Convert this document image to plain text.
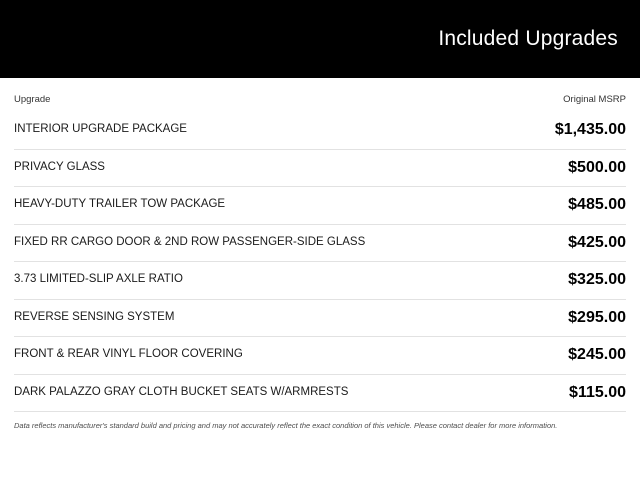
Included Upgrades
Upgrade	Original MSRP
INTERIOR UPGRADE PACKAGE	$1,435.00
PRIVACY GLASS	$500.00
HEAVY-DUTY TRAILER TOW PACKAGE	$485.00
FIXED RR CARGO DOOR & 2ND ROW PASSENGER-SIDE GLASS	$425.00
3.73 LIMITED-SLIP AXLE RATIO	$325.00
REVERSE SENSING SYSTEM	$295.00
FRONT & REAR VINYL FLOOR COVERING	$245.00
DARK PALAZZO GRAY CLOTH BUCKET SEATS W/ARMRESTS	$115.00
Data reflects manufacturer's standard build and pricing and may not accurately reflect the exact condition of this vehicle. Please contact dealer for more information.
